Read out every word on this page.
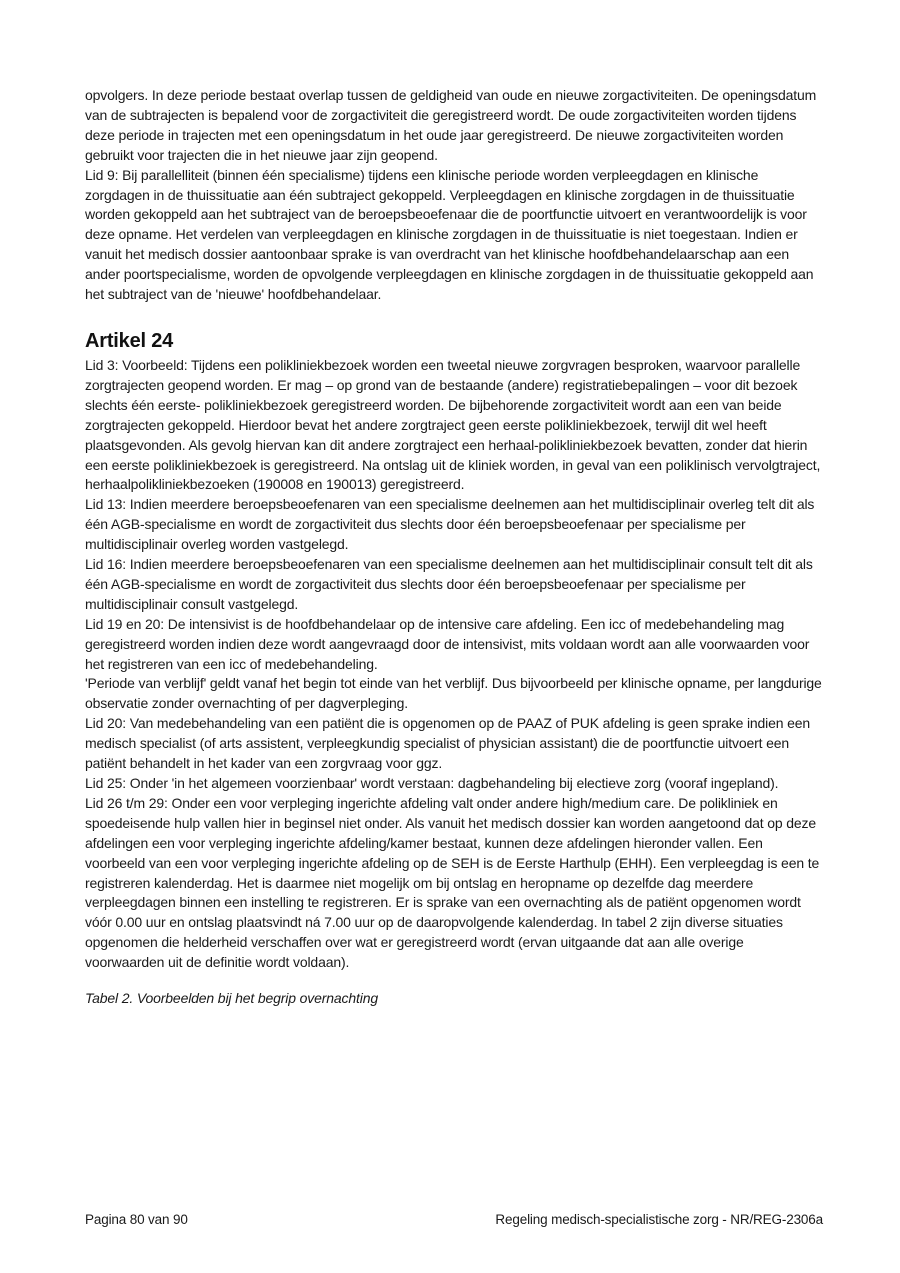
opvolgers. In deze periode bestaat overlap tussen de geldigheid van oude en nieuwe zorgactiviteiten. De openingsdatum van de subtrajecten is bepalend voor de zorgactiviteit die geregistreerd wordt. De oude zorgactiviteiten worden tijdens deze periode in trajecten met een openingsdatum in het oude jaar geregistreerd. De nieuwe zorgactiviteiten worden gebruikt voor trajecten die in het nieuwe jaar zijn geopend.

Lid 9: Bij parallelliteit (binnen één specialisme) tijdens een klinische periode worden verpleegdagen en klinische zorgdagen in de thuissituatie aan één subtraject gekoppeld. Verpleegdagen en klinische zorgdagen in de thuissituatie worden gekoppeld aan het subtraject van de beroepsbeoefenaar die de poortfunctie uitvoert en verantwoordelijk is voor deze opname. Het verdelen van verpleegdagen en klinische zorgdagen in de thuissituatie is niet toegestaan. Indien er vanuit het medisch dossier aantoonbaar sprake is van overdracht van het klinische hoofdbehandelaarschap aan een ander poortspecialisme, worden de opvolgende verpleegdagen en klinische zorgdagen in de thuissituatie gekoppeld aan het subtraject van de 'nieuwe' hoofdbehandelaar.

Artikel 24

Lid 3: Voorbeeld: Tijdens een polikliniekbezoek worden een tweetal nieuwe zorgvragen besproken, waarvoor parallelle zorgtrajecten geopend worden. Er mag – op grond van de bestaande (andere) registratiebepalingen – voor dit bezoek slechts één eerste- polikliniekbezoek geregistreerd worden. De bijbehorende zorgactiviteit wordt aan een van beide zorgtrajecten gekoppeld. Hierdoor bevat het andere zorgtraject geen eerste polikliniekbezoek, terwijl dit wel heeft plaatsgevonden. Als gevolg hiervan kan dit andere zorgtraject een herhaal-polikliniekbezoek bevatten, zonder dat hierin een eerste polikliniekbezoek is geregistreerd. Na ontslag uit de kliniek worden, in geval van een poliklinisch vervolgtraject, herhaalpolikliniekbezoeken (190008 en 190013) geregistreerd.

Lid 13: Indien meerdere beroepsbeoefenaren van een specialisme deelnemen aan het multidisciplinair overleg telt dit als één AGB-specialisme en wordt de zorgactiviteit dus slechts door één beroepsbeoefenaar per specialisme per multidisciplinair overleg worden vastgelegd.

Lid 16: Indien meerdere beroepsbeoefenaren van een specialisme deelnemen aan het multidisciplinair consult telt dit als één AGB-specialisme en wordt de zorgactiviteit dus slechts door één beroepsbeoefenaar per specialisme per multidisciplinair consult vastgelegd.

Lid 19 en 20: De intensivist is de hoofdbehandelaar op de intensive care afdeling. Een icc of medebehandeling mag geregistreerd worden indien deze wordt aangevraagd door de intensivist, mits voldaan wordt aan alle voorwaarden voor het registreren van een icc of medebehandeling.

'Periode van verblijf' geldt vanaf het begin tot einde van het verblijf. Dus bijvoorbeeld per klinische opname, per langdurige observatie zonder overnachting of per dagverpleging.

Lid 20: Van medebehandeling van een patiënt die is opgenomen op de PAAZ of PUK afdeling is geen sprake indien een medisch specialist (of arts assistent, verpleegkundig specialist of physician assistant) die de poortfunctie uitvoert een patiënt behandelt in het kader van een zorgvraag voor ggz.

Lid 25: Onder 'in het algemeen voorzienbaar' wordt verstaan: dagbehandeling bij electieve zorg (vooraf ingepland).

Lid 26 t/m 29: Onder een voor verpleging ingerichte afdeling valt onder andere high/medium care. De polikliniek en spoedeisende hulp vallen hier in beginsel niet onder. Als vanuit het medisch dossier kan worden aangetoond dat op deze afdelingen een voor verpleging ingerichte afdeling/kamer bestaat, kunnen deze afdelingen hieronder vallen. Een voorbeeld van een voor verpleging ingerichte afdeling op de SEH is de Eerste Harthulp (EHH). Een verpleegdag is een te registreren kalenderdag. Het is daarmee niet mogelijk om bij ontslag en heropname op dezelfde dag meerdere verpleegdagen binnen een instelling te registreren. Er is sprake van een overnachting als de patiënt opgenomen wordt vóór 0.00 uur en ontslag plaatsvindt ná 7.00 uur op de daaropvolgende kalenderdag. In tabel 2 zijn diverse situaties opgenomen die helderheid verschaffen over wat er geregistreerd wordt (ervan uitgaande dat aan alle overige voorwaarden uit de definitie wordt voldaan).

Tabel 2. Voorbeelden bij het begrip overnachting

Pagina 80 van 90	Regeling medisch-specialistische zorg - NR/REG-2306a
